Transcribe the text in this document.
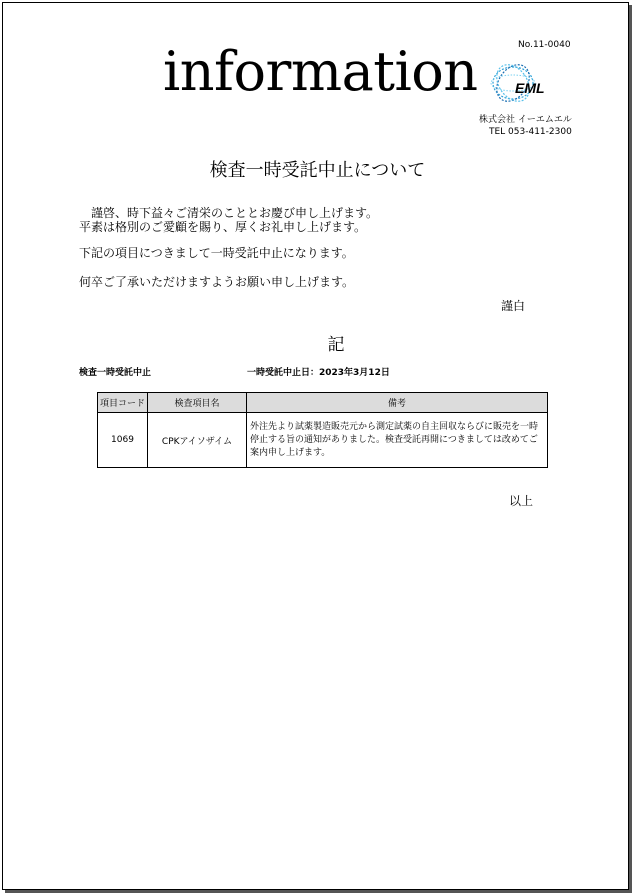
No.11-0040
information	EML
株式会社 イーエムエル
TEL 053-411-2300
検査一時受託中止について
　謹啓、時下益々ご清栄のこととお慶び申し上げます。
平素は格別のご愛顧を賜り、厚くお礼申し上げます。
下記の項目につきまして一時受託中止になります。
何卒ご了承いただけますようお願い申し上げます。
謹白
記
検査一時受託中止	一時受託中止日：2023年3月12日
項目コード	検査項目名	備考
1069	CPKアイソザイム	外注先より試薬製造販売元から測定試薬の自主回収ならびに販売を一時停止する旨の通知がありました。検査受託再開につきましては改めてご案内申し上げます。
以上
